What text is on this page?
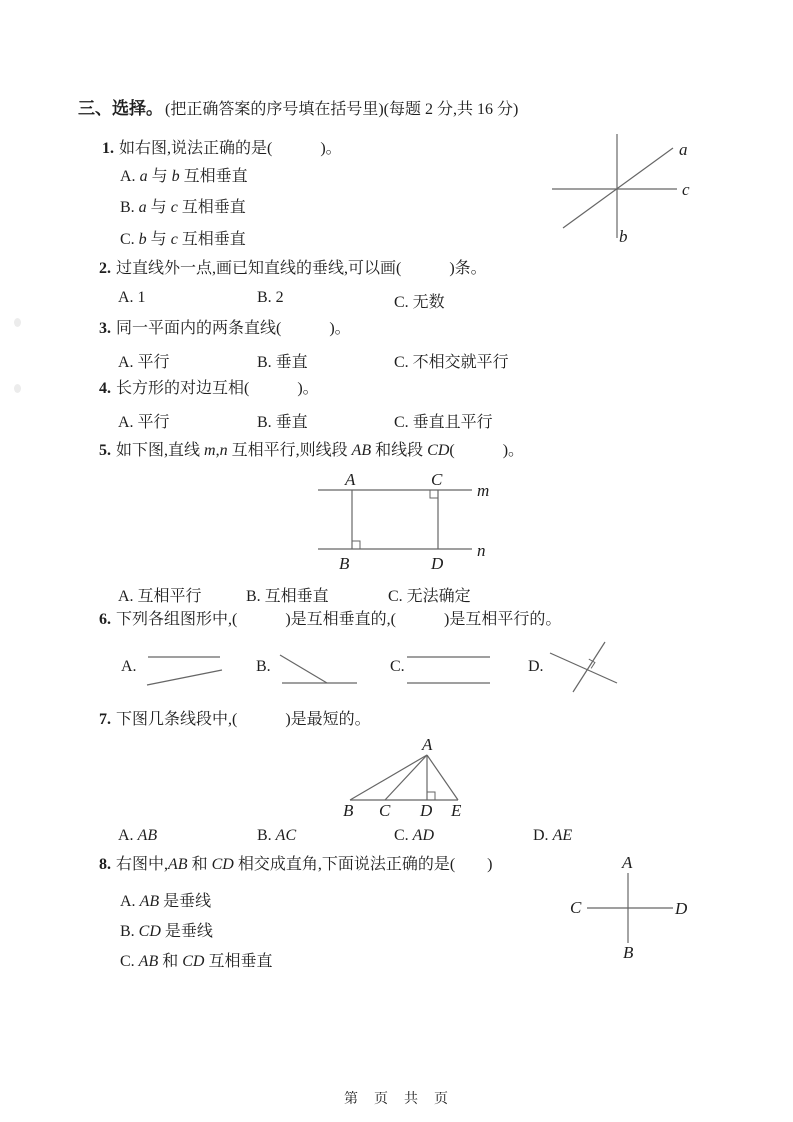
三、选择。 (把正确答案的序号填在括号里)(每题 2 分,共 16 分)
1. 如右图,说法正确的是(　　　)。
A. a 与 b 互相垂直
B. a 与 c 互相垂直
C. b 与 c 互相垂直
a
c
b
2. 过直线外一点,画已知直线的垂线,可以画(　　　)条。
A. 1	B. 2	C. 无数
3. 同一平面内的两条直线(　　　)。
A. 平行	B. 垂直	C. 不相交就平行
4. 长方形的对边互相(　　　)。
A. 平行	B. 垂直	C. 垂直且平行
5. 如下图,直线 m,n 互相平行,则线段 AB 和线段 CD(　　　)。
A	C
m
B	D
n
A. 互相平行	B. 互相垂直	C. 无法确定
6. 下列各组图形中,(　　　)是互相垂直的,(　　　)是互相平行的。
A.	B.	C.	D.
7. 下图几条线段中,(　　　)是最短的。
A
B C D E
A. AB	B. AC	C. AD	D. AE
8. 右图中,AB 和 CD 相交成直角,下面说法正确的是(　　)
A. AB 是垂线
B. CD 是垂线
C. AB 和 CD 互相垂直
A
B
C	D
第　页　共　页
